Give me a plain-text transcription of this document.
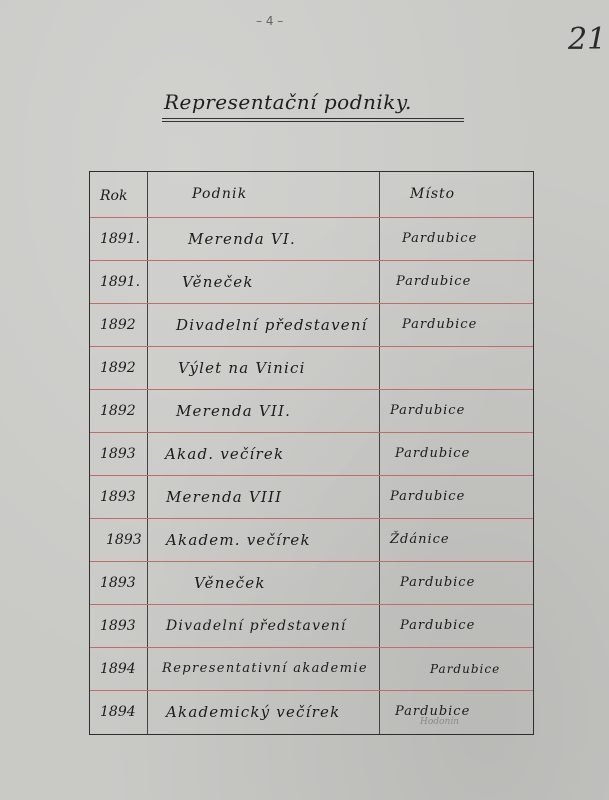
– 4 –
21
Representační podniky.
Rok	Podnik	Místo
1891.	Merenda VI.	Pardubice
1891.	Věneček	Pardubice
1892	Divadelní představení	Pardubice
1892	Výlet na Vinici
1892	Merenda VII.	Pardubice
1893	Akad. večírek	Pardubice
1893	Merenda VIII	Pardubice
1893	Akadem. večírek	Ždánice
1893	Věneček	Pardubice
1893	Divadelní představení	Pardubice
1894	Representativní akademie	Pardubice
1894	Akademický večírek	Pardubice
Hodonín
